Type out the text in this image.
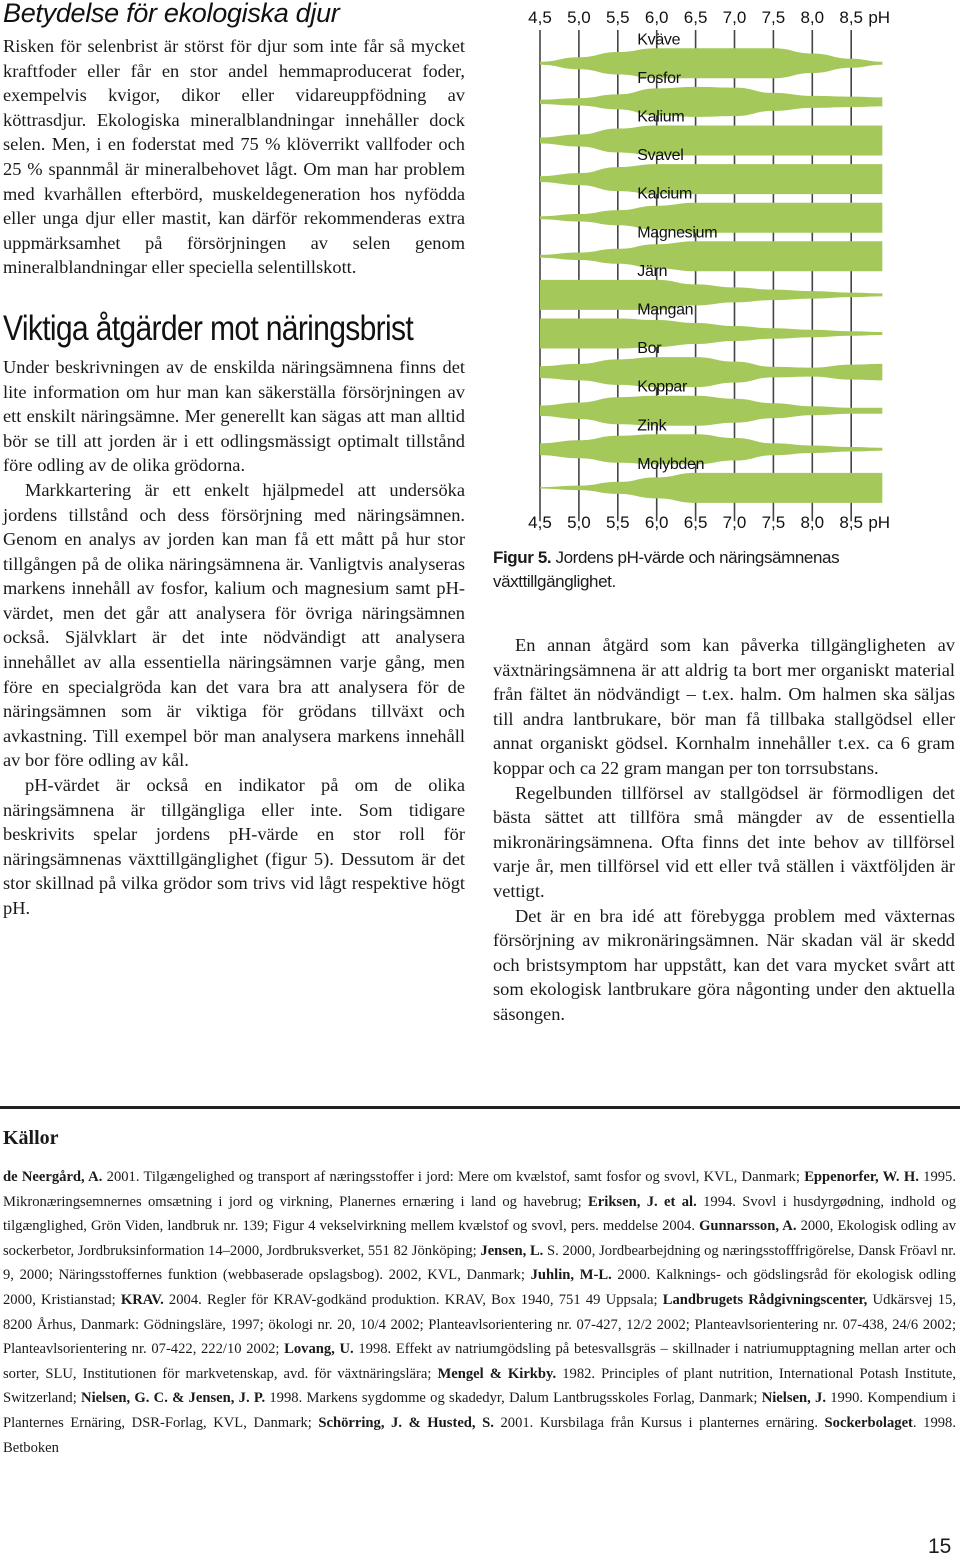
Betydelse för ekologiska djur

Risken för selenbrist är störst för djur som inte får så mycket kraftfoder eller får en stor andel hemmaproducerat foder, exempelvis kvigor, dikor eller vidareuppfödning av köttrasdjur. Ekologiska mineralblandningar innehåller dock selen. Men, i en foderstat med 75 % klöverrikt vallfoder och 25 % spannmål är mineralbehovet lågt. Om man har problem med kvarhållen efterbörd, muskeldegeneration hos nyfödda eller unga djur eller mastit, kan därför rekommenderas extra uppmärksamhet på försörjningen av selen genom mineralblandningar eller speciella selentillskott.

Viktiga åtgärder mot näringsbrist

Under beskrivningen av de enskilda näringsämnena finns det lite information om hur man kan säkerställa försörjningen av ett enskilt näringsämne. Mer generellt kan sägas att man alltid bör se till att jorden är i ett odlingsmässigt optimalt tillstånd före odling av de olika grödorna.

Markkartering är ett enkelt hjälpmedel att undersöka jordens tillstånd och dess försörjning med näringsämnen. Genom en analys av jorden kan man få ett mått på hur stor tillgången på de olika näringsämnena är. Vanligtvis analyseras markens innehåll av fosfor, kalium och magnesium samt pH-värdet, men det går att analysera för övriga näringsämnen också. Självklart är det inte nödvändigt att analysera innehållet av alla essentiella näringsämnen varje gång, men före en specialgröda kan det vara bra att analysera för de näringsämnen som är viktiga för grödans tillväxt och avkastning. Till exempel bör man analysera markens innehåll av bor före odling av kål.

pH-värdet är också en indikator på om de olika näringsämnena är tillgängliga eller inte. Som tidigare beskrivits spelar jordens pH-värde en stor roll för näringsämnenas växttillgänglighet (figur 5). Dessutom är det stor skillnad på vilka grödor som trivs vid lågt respektive högt pH.

4,5 5,0 5,5 6,0 6,5 7,0 7,5 8,0 8,5 pH
Kväve
Fosfor
Kalium
Svavel
Kalcium
Magnesium
Järn
Mangan
Bor
Koppar
Zink
Molybden
4,5 5,0 5,5 6,0 6,5 7,0 7,5 8,0 8,5 pH
Figur 5. Jordens pH-värde och näringsämnenas växttillgänglighet.

En annan åtgärd som kan påverka tillgängligheten av växtnäringsämnena är att aldrig ta bort mer organiskt material från fältet än nödvändigt – t.ex. halm. Om halmen ska säljas till andra lantbrukare, bör man få tillbaka stallgödsel eller annat organiskt gödsel. Kornhalm innehåller t.ex. ca 6 gram koppar och ca 22 gram mangan per ton torrsubstans.

Regelbunden tillförsel av stallgödsel är förmodligen det bästa sättet att tillföra små mängder av de essentiella mikronäringsämnena. Ofta finns det inte behov av tillförsel varje år, men tillförsel vid ett eller två ställen i växtföljden är vettigt.

Det är en bra idé att förebygga problem med växternas försörjning av mikronäringsämnen. När skadan väl är skedd och bristsymptom har uppstått, kan det vara mycket svårt att som ekologisk lantbrukare göra någonting under den aktuella säsongen.

Källor

de Neergård, A. 2001. Tilgængelighed og transport af næringsstoffer i jord: Mere om kvælstof, samt fosfor og svovl, KVL, Danmark; Eppenorfer, W. H. 1995. Mikronæringsemnernes omsætning i jord og virkning, Planernes ernæring i land og havebrug; Eriksen, J. et al. 1994. Svovl i husdyrgødning, indhold og tilgænglighed, Grön Viden, landbruk nr. 139; Figur 4 vekselvirkning mellem kvælstof og svovl, pers. meddelse 2004. Gunnarsson, A. 2000, Ekologisk odling av sockerbetor, Jordbruksinformation 14–2000, Jordbruksverket, 551 82 Jönköping; Jensen, L. S. 2000, Jordbearbejdning og næringsstofffrigörelse, Dansk Fröavl nr. 9, 2000; Näringsstoffernes funktion (webbaserade opslagsbog). 2002, KVL, Danmark; Juhlin, M-L. 2000. Kalknings- och gödslingsråd för ekologisk odling 2000, Kristianstad; KRAV. 2004. Regler för KRAV-godkänd produktion. KRAV, Box 1940, 751 49 Uppsala; Landbrugets Rådgivningscenter, Udkärsvej 15, 8200 Århus, Danmark: Gödningsläre, 1997; ökologi nr. 20, 10/4 2002; Planteavlsorientering nr. 07-427, 12/2 2002; Planteavlsorientering nr. 07-438, 24/6 2002; Planteavlsorientering nr. 07-422, 222/10 2002; Lovang, U. 1998. Effekt av natriumgödsling på betesvallsgräs – skillnader i natriumupptagning mellan arter och sorter, SLU, Institutionen för markvetenskap, avd. för växtnäringslära; Mengel & Kirkby. 1982. Principles of plant nutrition, International Potash Institute, Switzerland; Nielsen, G. C. & Jensen, J. P. 1998. Markens sygdomme og skadedyr, Dalum Lantbrugsskoles Forlag, Danmark; Nielsen, J. 1990. Kompendium i Planternes Ernäring, DSR-Forlag, KVL, Danmark; Schörring, J. & Husted, S. 2001. Kursbilaga från Kursus i planternes ernäring. Sockerbolaget. 1998. Betboken

15
